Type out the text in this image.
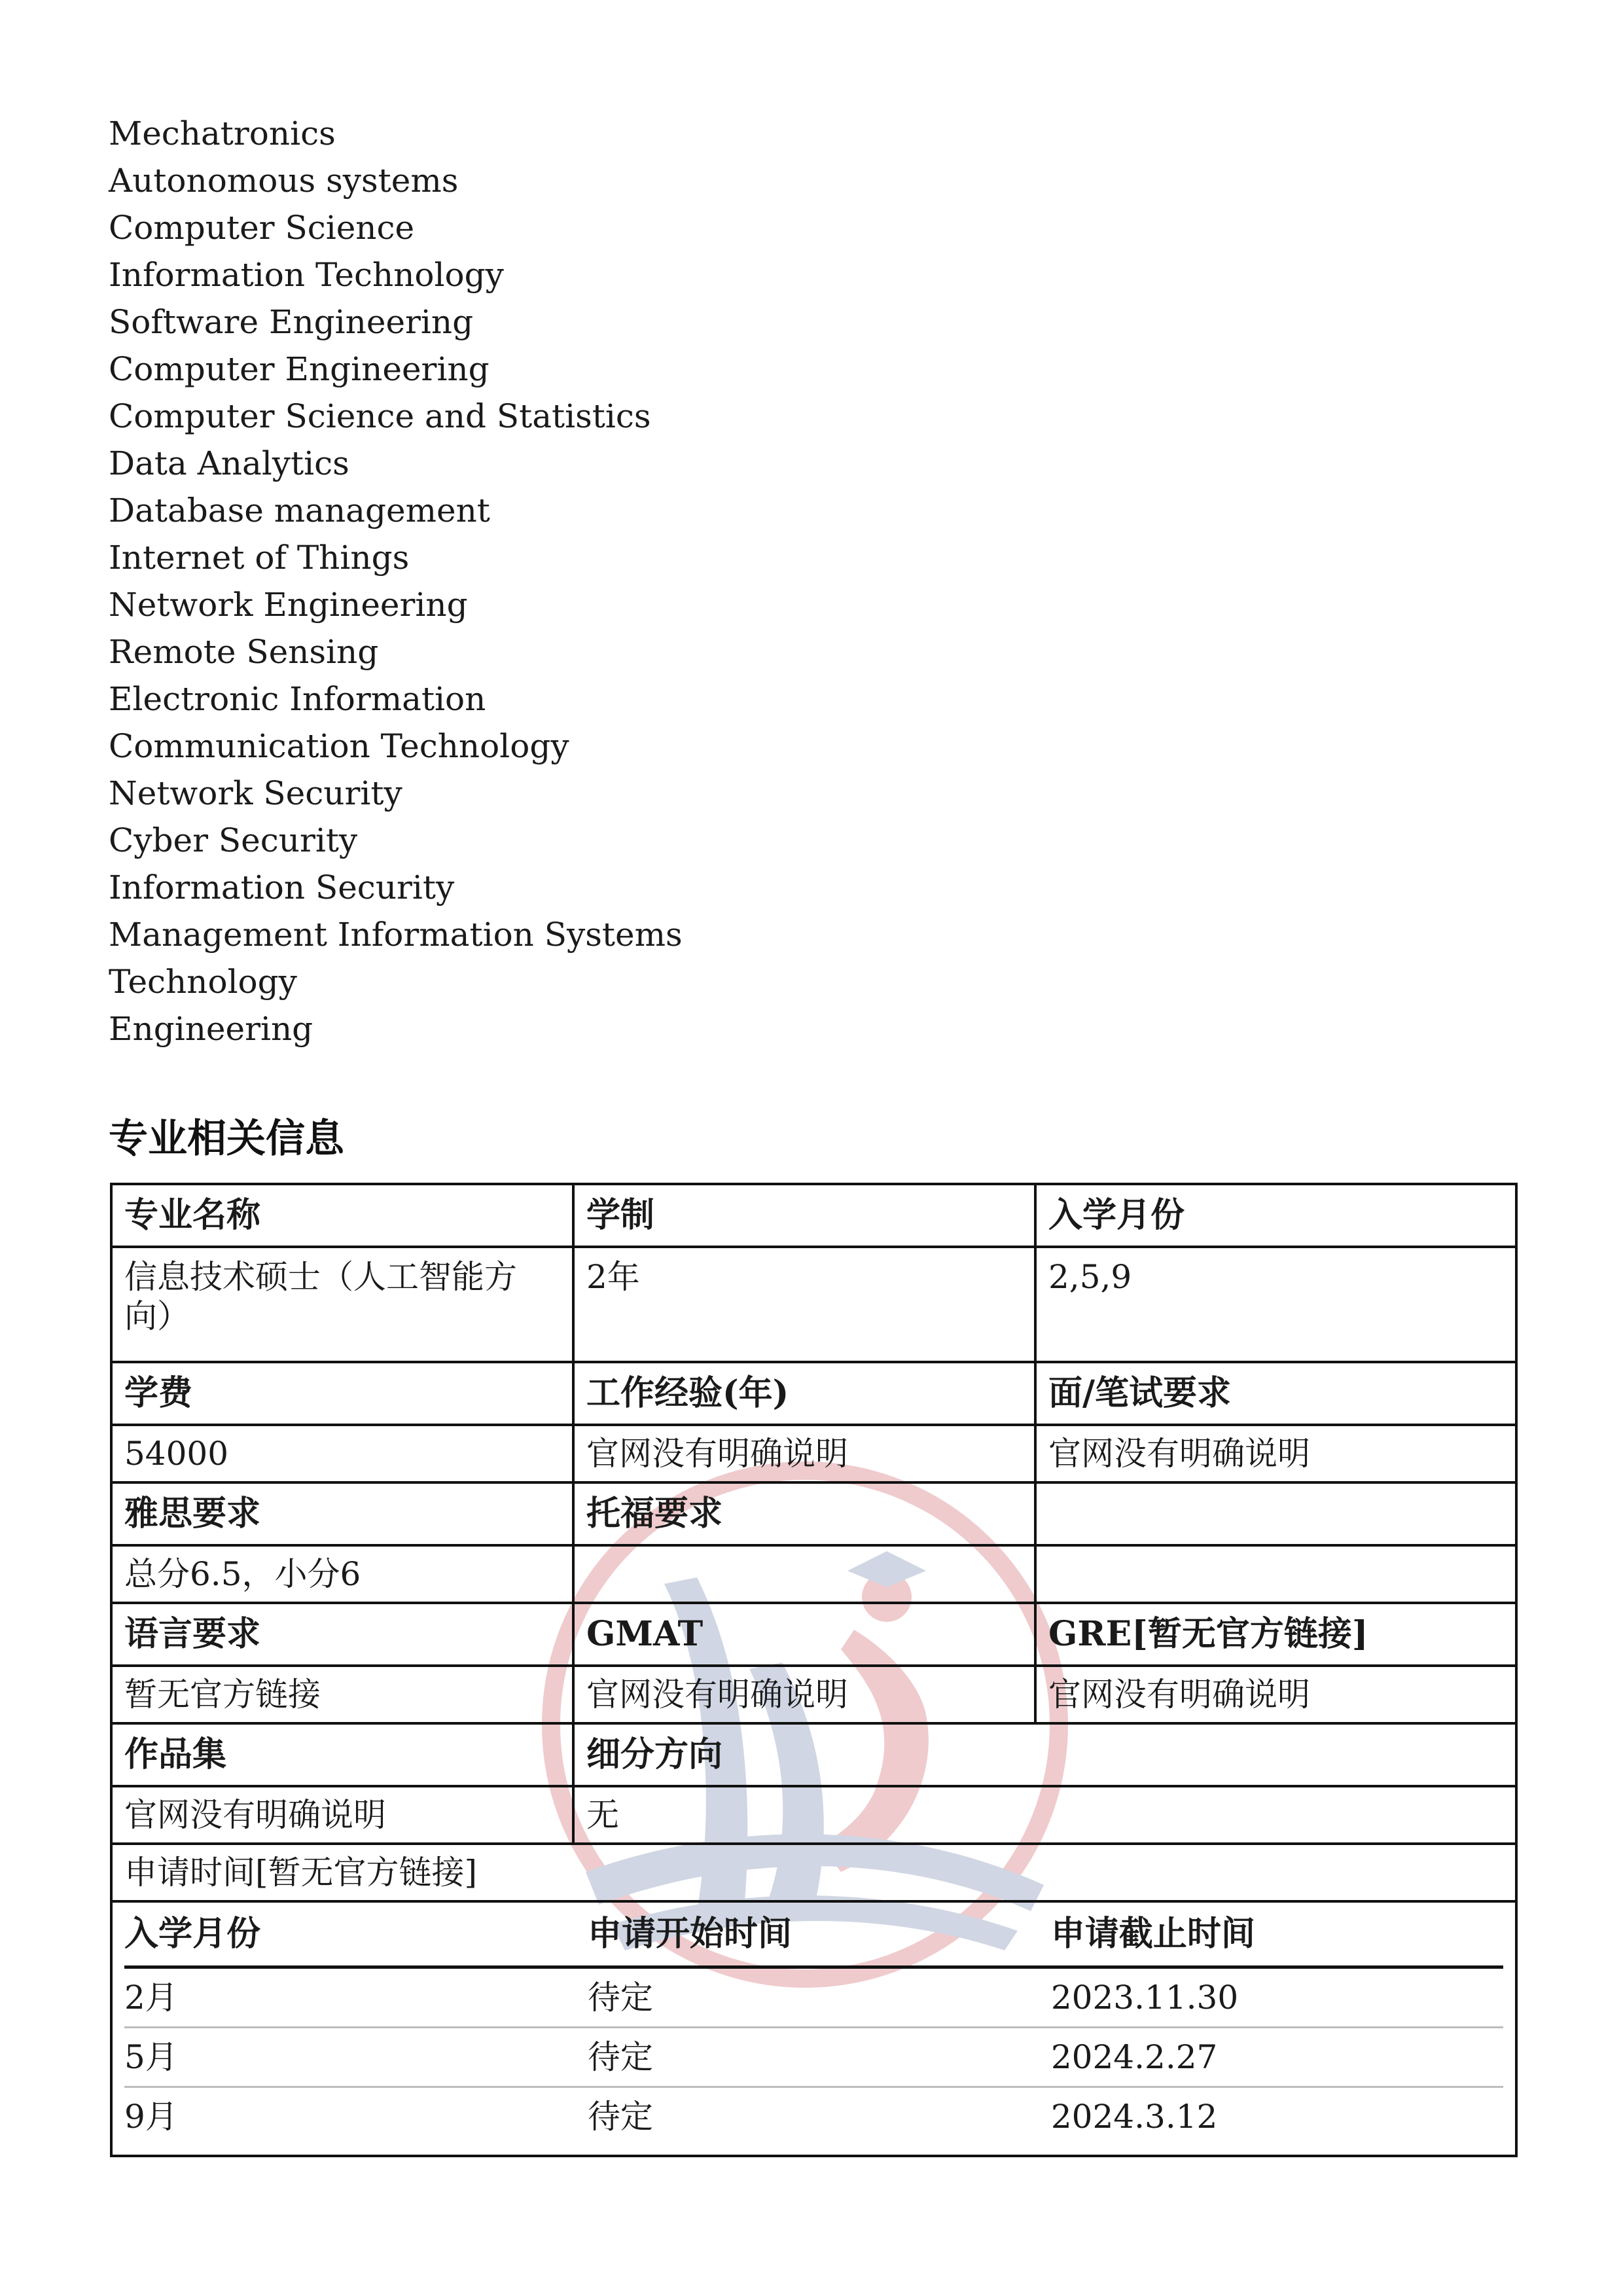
Mechatronics
Autonomous systems
Computer Science
Information Technology
Software Engineering
Computer Engineering
Computer Science and Statistics
Data Analytics
Database management
Internet of Things
Network Engineering
Remote Sensing
Electronic Information
Communication Technology
Network Security
Cyber Security
Information Security
Management Information Systems
Technology
Engineering
专业相关信息
专业名称	学制	入学月份
信息技术硕士（人工智能方向）	2年	2,5,9
学费	工作经验(年)	面/笔试要求
54000	官网没有明确说明	官网没有明确说明
雅思要求	托福要求	
总分6.5，小分6		
语言要求	GMAT	GRE[暂无官方链接]
暂无官方链接	官网没有明确说明	官网没有明确说明
作品集	细分方向
官网没有明确说明	无
申请时间[暂无官方链接]

入学月份	申请开始时间	申请截止时间
2月	待定	2023.11.30
5月	待定	2024.2.27
9月	待定	2024.3.12
